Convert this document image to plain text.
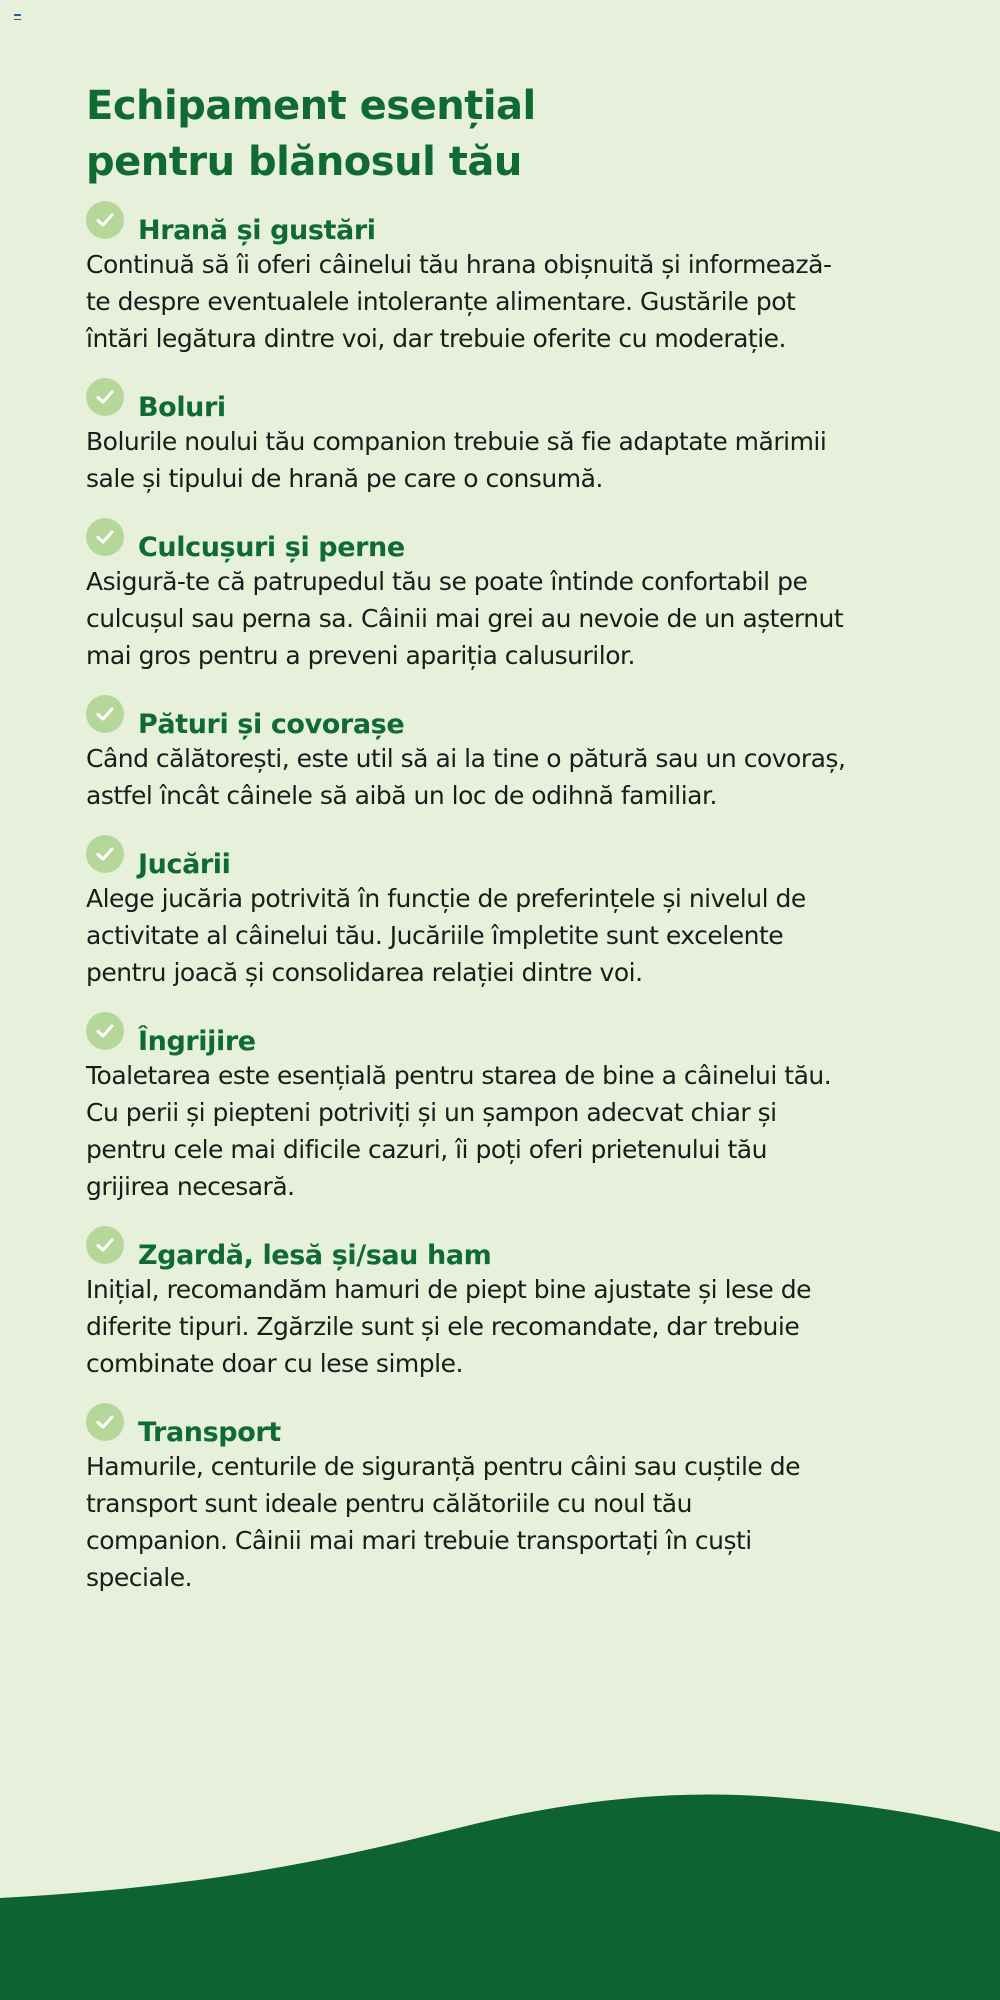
Echipament esențial
pentru blănosul tău
Hrană și gustări

Continuă să îi oferi câinelui tău hrana obișnuită și informează-
te despre eventualele intoleranțe alimentare. Gustările pot
întări legătura dintre voi, dar trebuie oferite cu moderație.

Boluri

Bolurile noului tău companion trebuie să fie adaptate mărimii
sale și tipului de hrană pe care o consumă.

Culcușuri și perne

Asigură-te că patrupedul tău se poate întinde confortabil pe
culcușul sau perna sa. Câinii mai grei au nevoie de un așternut
mai gros pentru a preveni apariția calusurilor.

Pături și covorașe

Când călătorești, este util să ai la tine o pătură sau un covoraș,
astfel încât câinele să aibă un loc de odihnă familiar.

Jucării

Alege jucăria potrivită în funcție de preferințele și nivelul de
activitate al câinelui tău. Jucăriile împletite sunt excelente
pentru joacă și consolidarea relației dintre voi.

Îngrijire

Toaletarea este esențială pentru starea de bine a câinelui tău.
Cu perii și piepteni potriviți și un șampon adecvat chiar și
pentru cele mai dificile cazuri, îi poți oferi prietenului tău
grijirea necesară.

Zgardă, lesă și/sau ham

Inițial, recomandăm hamuri de piept bine ajustate și lese de
diferite tipuri. Zgărzile sunt și ele recomandate, dar trebuie
combinate doar cu lese simple.

Transport

Hamurile, centurile de siguranță pentru câini sau cuștile de
transport sunt ideale pentru călătoriile cu noul tău
companion. Câinii mai mari trebuie transportați în cuști
speciale.
